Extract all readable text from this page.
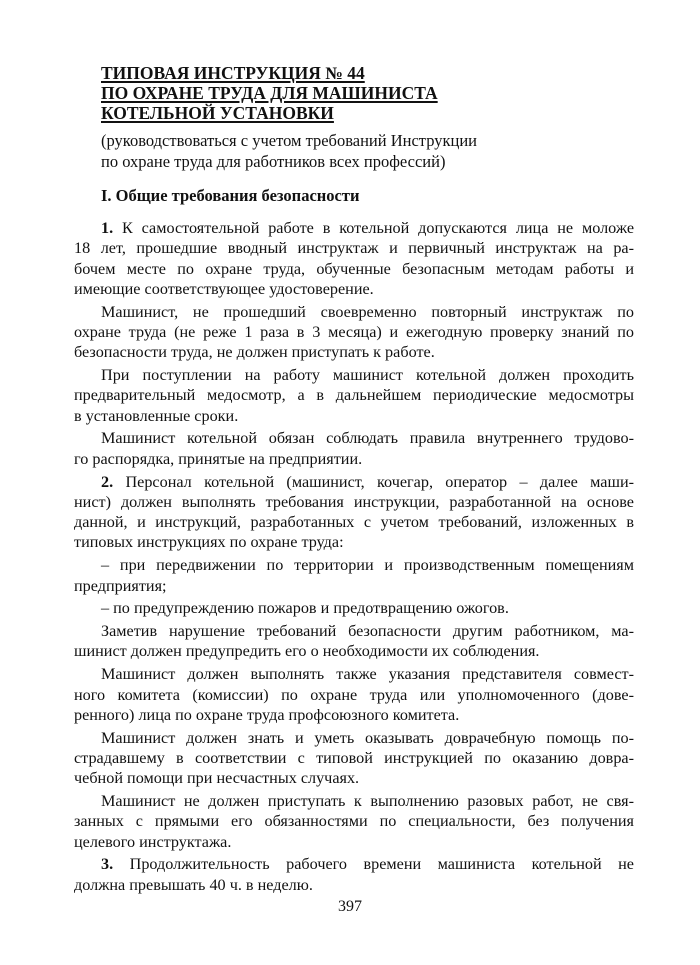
ТИПОВАЯ ИНСТРУКЦИЯ № 44
ПО ОХРАНЕ ТРУДА ДЛЯ МАШИНИСТА
КОТЕЛЬНОЙ УСТАНОВКИ
(руководствоваться с учетом требований Инструкции
по охране труда для работников всех профессий)
I. Общие требования безопасности
1. К самостоятельной работе в котельной допускаются лица не моложе
18 лет, прошедшие вводный инструктаж и первичный инструктаж на ра-
бочем месте по охране труда, обученные безопасным методам работы и
имеющие соответствующее удостоверение.
Машинист, не прошедший своевременно повторный инструктаж по
охране труда (не реже 1 раза в 3 месяца) и ежегодную проверку знаний по
безопасности труда, не должен приступать к работе.
При поступлении на работу машинист котельной должен проходить
предварительный медосмотр, а в дальнейшем периодические медосмотры
в установленные сроки.
Машинист котельной обязан соблюдать правила внутреннего трудово-
го распорядка, принятые на предприятии.
2. Персонал котельной (машинист, кочегар, оператор – далее маши-
нист) должен выполнять требования инструкции, разработанной на основе
данной, и инструкций, разработанных с учетом требований, изложенных в
типовых инструкциях по охране труда:
– при передвижении по территории и производственным помещениям
предприятия;
– по предупреждению пожаров и предотвращению ожогов.
Заметив нарушение требований безопасности другим работником, ма-
шинист должен предупредить его о необходимости их соблюдения.
Машинист должен выполнять также указания представителя совмест-
ного комитета (комиссии) по охране труда или уполномоченного (дове-
ренного) лица по охране труда профсоюзного комитета.
Машинист должен знать и уметь оказывать доврачебную помощь по-
страдавшему в соответствии с типовой инструкцией по оказанию довра-
чебной помощи при несчастных случаях.
Машинист не должен приступать к выполнению разовых работ, не свя-
занных с прямыми его обязанностями по специальности, без получения
целевого инструктажа.
3. Продолжительность рабочего времени машиниста котельной не
должна превышать 40 ч. в неделю.
397
